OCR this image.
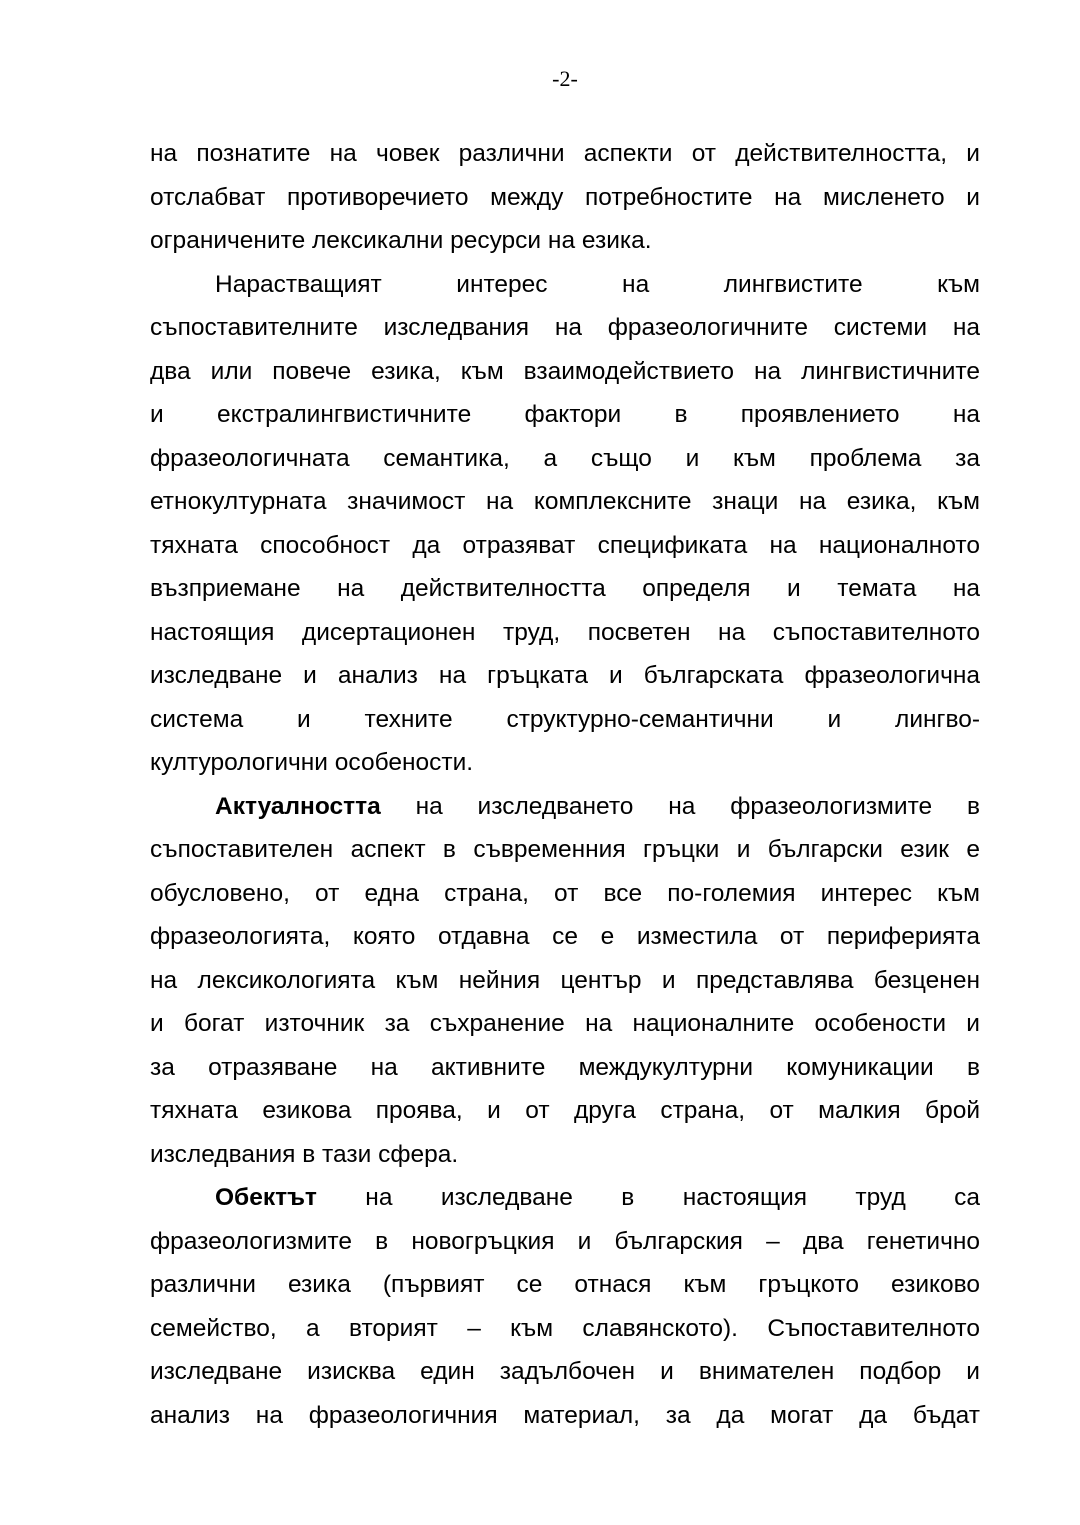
-2-

на познатите на човек различни аспекти от действителността, и
отслабват противоречието между потребностите на мисленето и
ограничените лексикални ресурси на езика.

Нарастващият интерес на лингвистите към
съпоставителните изследвания на фразеологичните системи на
два или повече езика, към взаимодействието на лингвистичните
и екстралингвистичните фактори в проявлението на
фразеологичната семантика, а също и към проблема за
етнокултурната значимост на комплексните знаци на езика, към
тяхната способност да отразяват спецификата на националното
възприемане на действителността определя и темата на
настоящия дисертационен труд, посветен на съпоставителното
изследване и анализ на гръцката и българската фразеологична
система и техните структурно-семантични и лингво-
културологични особености.

Актуалността на изследването на фразеологизмите в
съпоставителен аспект в съвременния гръцки и български език е
обусловено, от една страна, от все по-големия интерес към
фразеологията, която отдавна се е изместила от периферията
на лексикологията към нейния център и представлява безценен
и богат източник за съхранение на националните особености и
за отразяване на активните междукултурни комуникации в
тяхната езикова проява, и от друга страна, от малкия брой
изследвания в тази сфера.

Обектът на изследване в настоящия труд са
фразеологизмите в новогръцкия и българския – два генетично
различни езика (първият се отнася към гръцкото езиково
семейство, а вторият – към славянското). Съпоставителното
изследване изисква един задълбочен и внимателен подбор и
анализ на фразеологичния материал, за да могат да бъдат
